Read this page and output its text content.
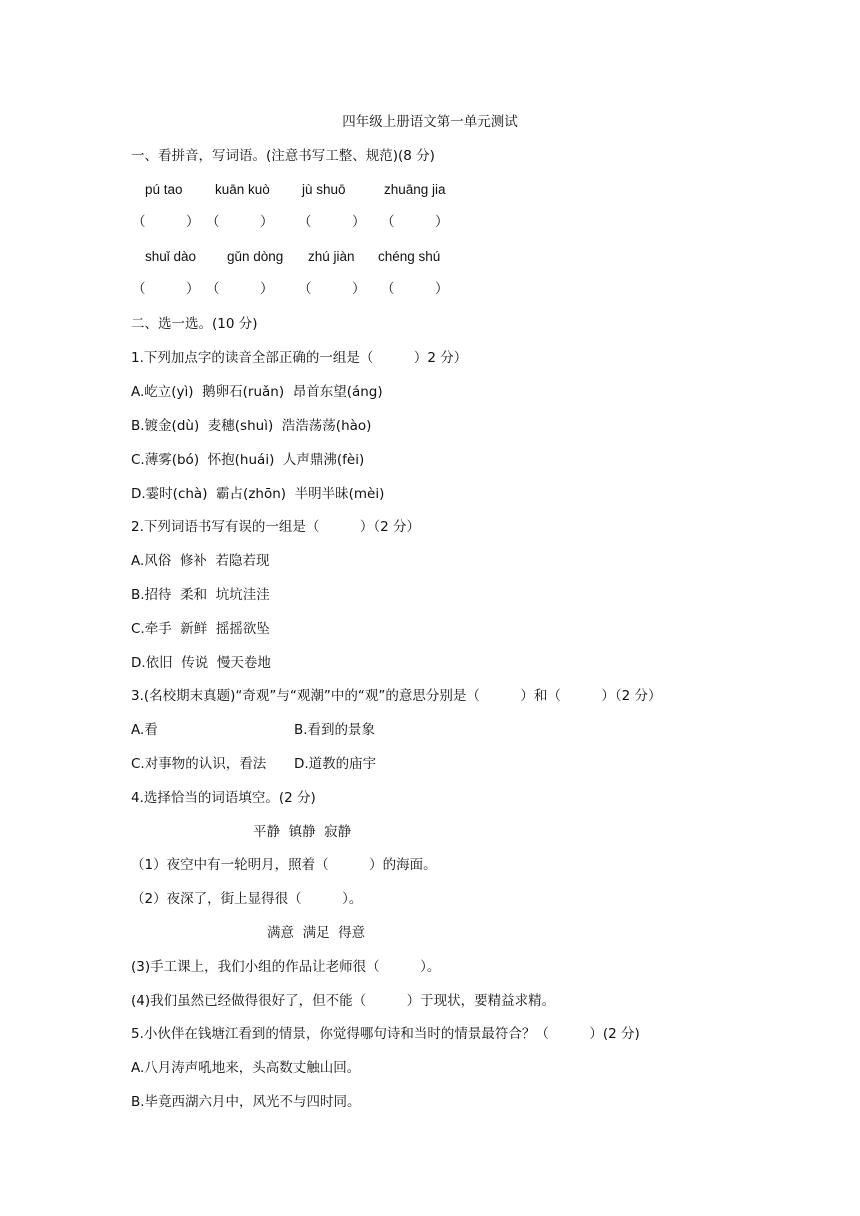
四年级上册语文第一单元测试
一、看拼音，写词语。(注意书写工整、规范)(8 分)
pú tao kuān kuò jù shuō	zhuāng jia
（　　　） （　　　） （　　　） （　　　）
shuǐ dào gǔn dòng zhú jiàn chéng shú
（　　　） （　　　） （　　　） （　　　）
二、选一选。(10 分)
1.下列加点字的读音全部正确的一组是（　　　）2 分）
A.屹立(yì)  鹅卵石(ruǎn)  昂首东望(áng)
B.镀金(dù)  麦穗(shuì)  浩浩荡荡(hào)
C.薄雾(bó)  怀抱(huái)  人声鼎沸(fèi)
D.霎时(chà)  霸占(zhōn)  半明半昧(mèi)
2.下列词语书写有误的一组是（　　　）（2 分）
A.风俗  修补  若隐若现
B.招待  柔和  坑坑洼洼
C.牵手  新鲜  摇摇欲坠
D.依旧  传说  慢天卷地
3.(名校期末真题)“奇观”与“观潮”中的“观”的意思分别是（　　　）和（　　　）（2 分）
A.看	B.看到的景象
C.对事物的认识，看法 D.道教的庙宇
4.选择恰当的词语填空。(2 分)
平静  镇静  寂静
（1）夜空中有一轮明月，照着（　　　）的海面。
（2）夜深了，街上显得很（　　　）。
满意  满足  得意
(3)手工课上，我们小组的作品让老师很（　　　）。
(4)我们虽然已经做得很好了，但不能（　　　）于现状，要精益求精。
5.小伙伴在钱塘江看到的情景，你觉得哪句诗和当时的情景最符合？（　　　）(2 分)
A.八月涛声吼地来，头高数丈触山回。
B.毕竟西湖六月中，风光不与四时同。
